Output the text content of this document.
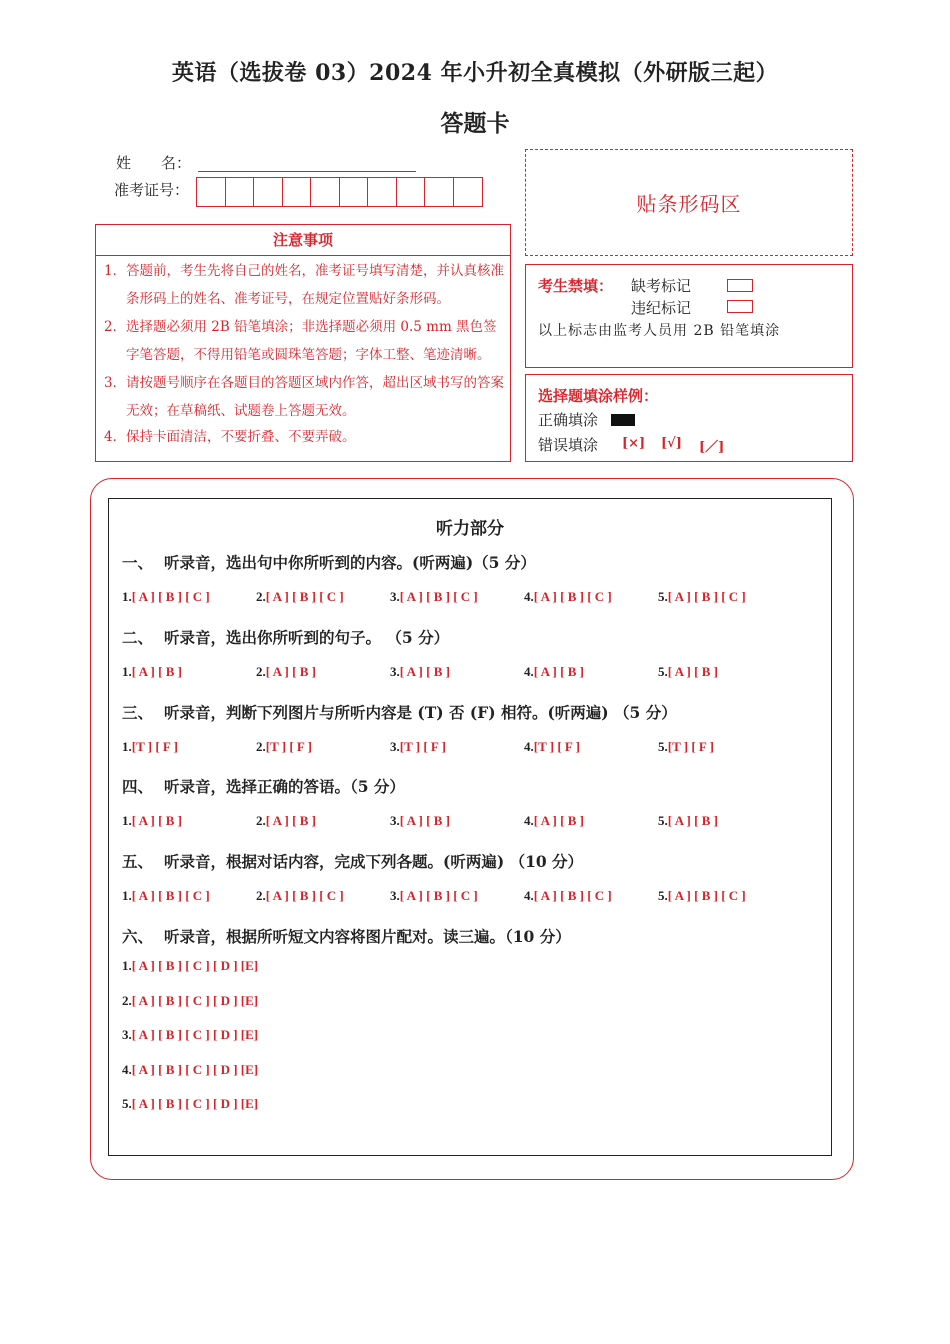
英语（选拔卷 03）2024 年小升初全真模拟（外研版三起）
答题卡
姓　　名：
准考证号：
贴条形码区
注意事项
1． 答题前，考生先将自己的姓名，准考证号填写清楚，并认真核准条形码上的姓名、准考证号，在规定位置贴好条形码。
2． 选择题必须用 2B 铅笔填涂；非选择题必须用 0.5 mm 黑色签字笔答题，不得用铅笔或圆珠笔答题；字体工整、笔迹清晰。
3． 请按题号顺序在各题目的答题区域内作答，超出区域书写的答案无效；在草稿纸、试题卷上答题无效。
4． 保持卡面清洁，不要折叠、不要弄破。
考生禁填： 缺考标记
违纪标记
以上标志由监考人员用 2B 铅笔填涂
选择题填涂样例：
正确填涂
错误填涂 [×] [√] [／]
听力部分
一、 听录音，选出句中你所听到的内容。(听两遍)（5 分）
1.[ A ] [ B ] [ C ]	2.[ A ] [ B ] [ C ]	3.[ A ] [ B ] [ C ]	4.[ A ] [ B ] [ C ]	5.[ A ] [ B ] [ C ]
二、 听录音，选出你所听到的句子。 （5 分）
1.[ A ] [ B ]	2.[ A ] [ B ]	3.[ A ] [ B ]	4.[ A ] [ B ]	5.[ A ] [ B ]
三、 听录音，判断下列图片与所听内容是 (T) 否 (F) 相符。(听两遍) （5 分）
1.[T ] [ F ]	2.[T ] [ F ]	3.[T ] [ F ]	4.[T ] [ F ]	5.[T ] [ F ]
四、 听录音，选择正确的答语。（5 分）
1.[ A ] [ B ]	2.[ A ] [ B ]	3.[ A ] [ B ]	4.[ A ] [ B ]	5.[ A ] [ B ]
五、 听录音，根据对话内容，完成下列各题。(听两遍) （10 分）
1.[ A ] [ B ] [ C ]	2.[ A ] [ B ] [ C ]	3.[ A ] [ B ] [ C ]	4.[ A ] [ B ] [ C ]	5.[ A ] [ B ] [ C ]
六、 听录音，根据所听短文内容将图片配对。读三遍。（10 分）
1.[ A ] [ B ] [ C ] [ D ] [E]
2.[ A ] [ B ] [ C ] [ D ] [E]
3.[ A ] [ B ] [ C ] [ D ] [E]
4.[ A ] [ B ] [ C ] [ D ] [E]
5.[ A ] [ B ] [ C ] [ D ] [E]
